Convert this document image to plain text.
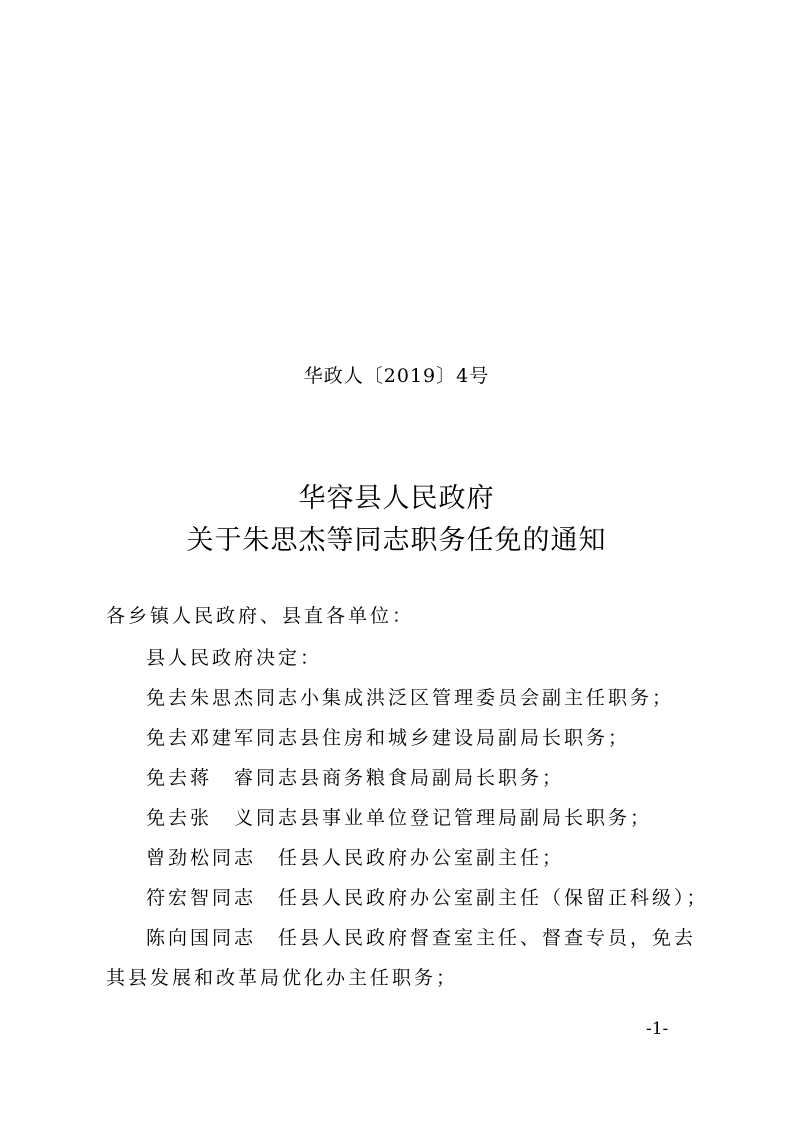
华政人〔2019〕4号
华容县人民政府
关于朱思杰等同志职务任免的通知
各乡镇人民政府、县直各单位：
县人民政府决定：
免去朱思杰同志小集成洪泛区管理委员会副主任职务；
免去邓建军同志县住房和城乡建设局副局长职务；
免去蒋 睿同志县商务粮食局副局长职务；
免去张 义同志县事业单位登记管理局副局长职务；
曾劲松同志 任县人民政府办公室副主任；
符宏智同志 任县人民政府办公室副主任（保留正科级）；
陈向国同志 任县人民政府督查室主任、督查专员，免去
其县发展和改革局优化办主任职务；
-1-
